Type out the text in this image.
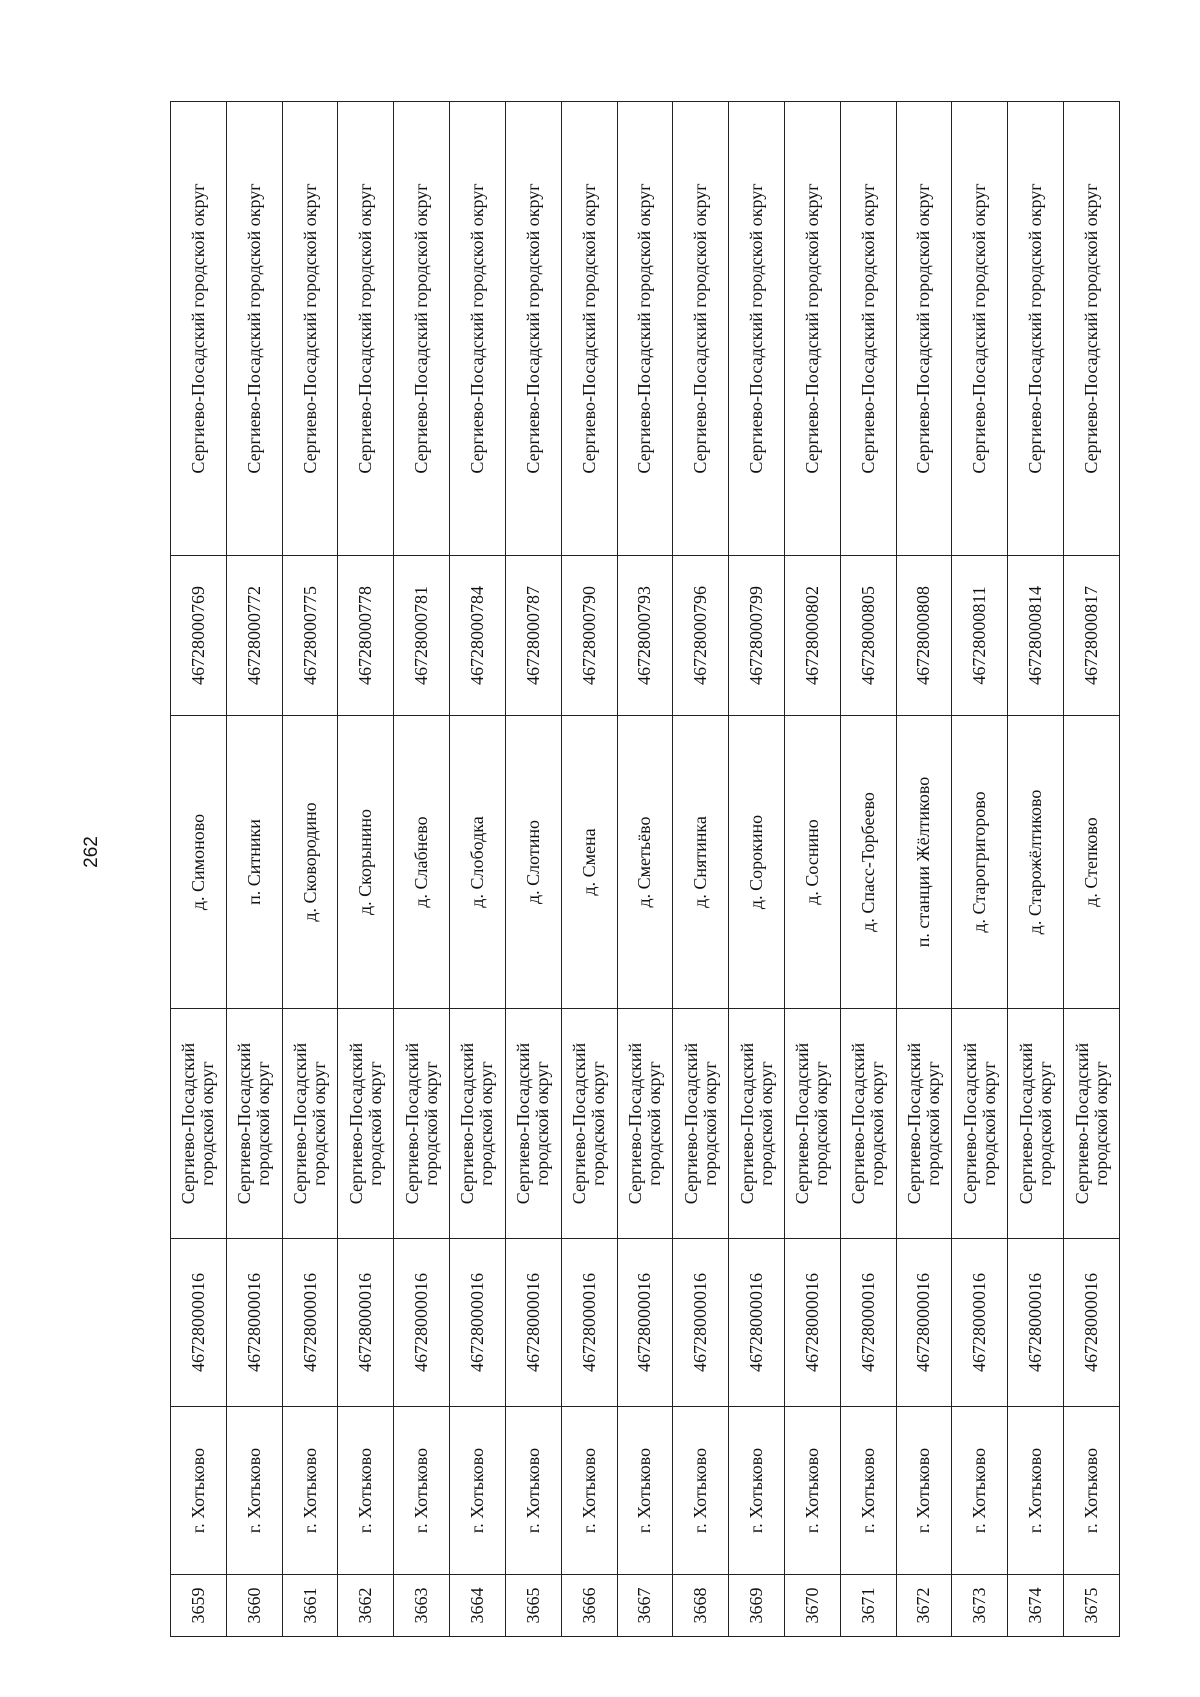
262
3659	г. Хотьково	46728000016	Сергиево-Посадский городской округ	д. Симоново	46728000769	Сергиево-Посадский городской округ
3660	г. Хотьково	46728000016	Сергиево-Посадский городской округ	п. Ситники	46728000772	Сергиево-Посадский городской округ
3661	г. Хотьково	46728000016	Сергиево-Посадский городской округ	д. Сковородино	46728000775	Сергиево-Посадский городской округ
3662	г. Хотьково	46728000016	Сергиево-Посадский городской округ	д. Скорынино	46728000778	Сергиево-Посадский городской округ
3663	г. Хотьково	46728000016	Сергиево-Посадский городской округ	д. Слабнево	46728000781	Сергиево-Посадский городской округ
3664	г. Хотьково	46728000016	Сергиево-Посадский городской округ	д. Слободка	46728000784	Сергиево-Посадский городской округ
3665	г. Хотьково	46728000016	Сергиево-Посадский городской округ	д. Слотино	46728000787	Сергиево-Посадский городской округ
3666	г. Хотьково	46728000016	Сергиево-Посадский городской округ	д. Смена	46728000790	Сергиево-Посадский городской округ
3667	г. Хотьково	46728000016	Сергиево-Посадский городской округ	д. Сметьёво	46728000793	Сергиево-Посадский городской округ
3668	г. Хотьково	46728000016	Сергиево-Посадский городской округ	д. Снятинка	46728000796	Сергиево-Посадский городской округ
3669	г. Хотьково	46728000016	Сергиево-Посадский городской округ	д. Сорокино	46728000799	Сергиево-Посадский городской округ
3670	г. Хотьково	46728000016	Сергиево-Посадский городской округ	д. Соснино	46728000802	Сергиево-Посадский городской округ
3671	г. Хотьково	46728000016	Сергиево-Посадский городской округ	д. Спасс-Торбеево	46728000805	Сергиево-Посадский городской округ
3672	г. Хотьково	46728000016	Сергиево-Посадский городской округ	п. станции Жёлтиково	46728000808	Сергиево-Посадский городской округ
3673	г. Хотьково	46728000016	Сергиево-Посадский городской округ	д. Старогригорово	46728000811	Сергиево-Посадский городской округ
3674	г. Хотьково	46728000016	Сергиево-Посадский городской округ	д. Старожёлтиково	46728000814	Сергиево-Посадский городской округ
3675	г. Хотьково	46728000016	Сергиево-Посадский городской округ	д. Степково	46728000817	Сергиево-Посадский городской округ
